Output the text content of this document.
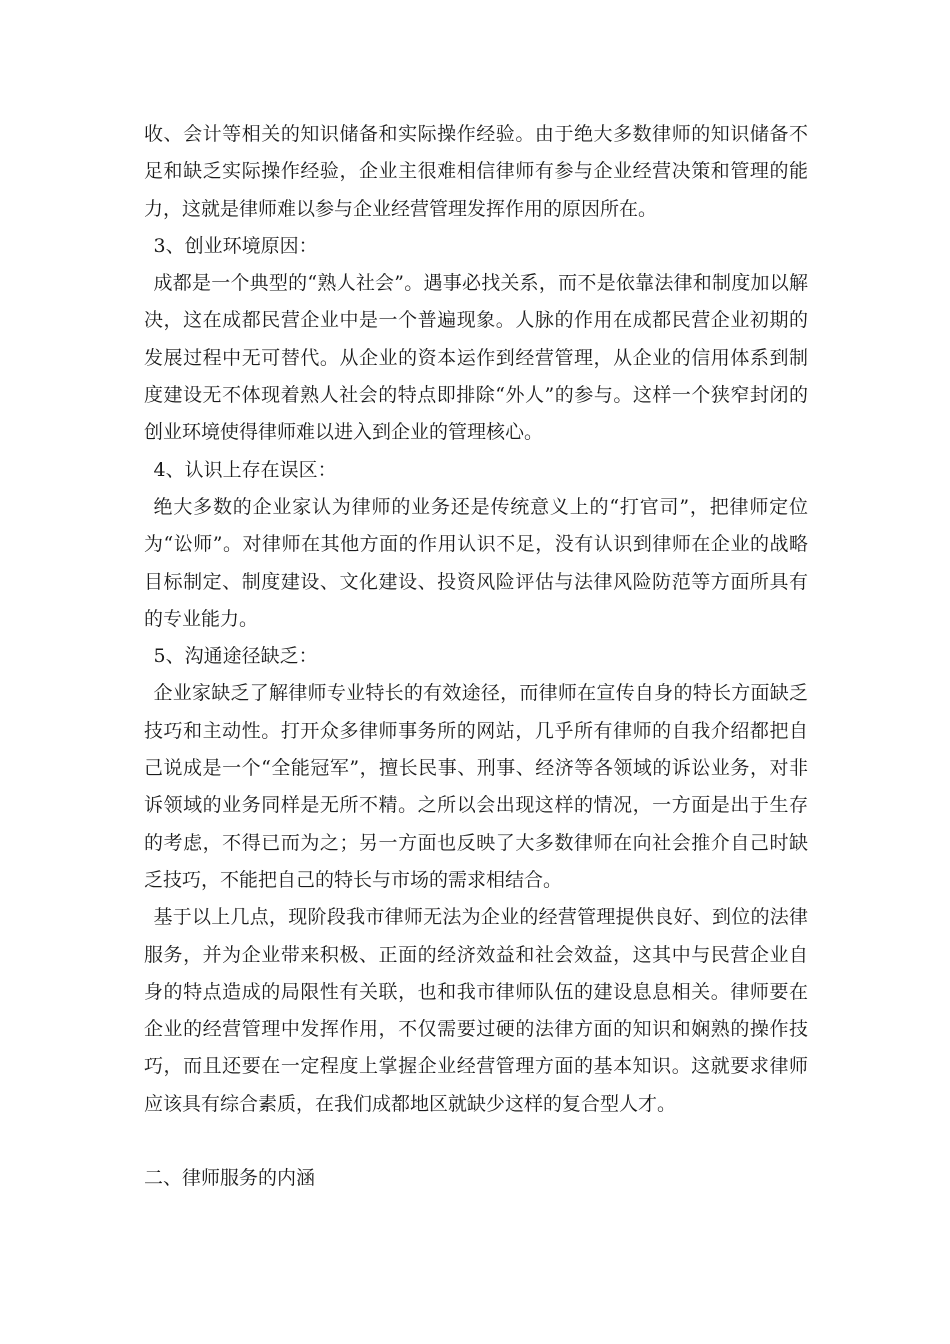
收、会计等相关的知识储备和实际操作经验。由于绝大多数律师的知识储备不足和缺乏实际操作经验，企业主很难相信律师有参与企业经营决策和管理的能力，这就是律师难以参与企业经营管理发挥作用的原因所在。

3、创业环境原因：

成都是一个典型的“熟人社会”。遇事必找关系，而不是依靠法律和制度加以解决，这在成都民营企业中是一个普遍现象。人脉的作用在成都民营企业初期的发展过程中无可替代。从企业的资本运作到经营管理，从企业的信用体系到制度建设无不体现着熟人社会的特点即排除“外人”的参与。这样一个狭窄封闭的创业环境使得律师难以进入到企业的管理核心。

4、认识上存在误区：

绝大多数的企业家认为律师的业务还是传统意义上的“打官司”，把律师定位为“讼师”。对律师在其他方面的作用认识不足，没有认识到律师在企业的战略目标制定、制度建设、文化建设、投资风险评估与法律风险防范等方面所具有的专业能力。

5、沟通途径缺乏：

企业家缺乏了解律师专业特长的有效途径，而律师在宣传自身的特长方面缺乏技巧和主动性。打开众多律师事务所的网站，几乎所有律师的自我介绍都把自己说成是一个“全能冠军”，擅长民事、刑事、经济等各领域的诉讼业务，对非诉领域的业务同样是无所不精。之所以会出现这样的情况，一方面是出于生存的考虑，不得已而为之；另一方面也反映了大多数律师在向社会推介自己时缺乏技巧，不能把自己的特长与市场的需求相结合。

基于以上几点，现阶段我市律师无法为企业的经营管理提供良好、到位的法律服务，并为企业带来积极、正面的经济效益和社会效益，这其中与民营企业自身的特点造成的局限性有关联，也和我市律师队伍的建设息息相关。律师要在企业的经营管理中发挥作用，不仅需要过硬的法律方面的知识和娴熟的操作技巧，而且还要在一定程度上掌握企业经营管理方面的基本知识。这就要求律师应该具有综合素质，在我们成都地区就缺少这样的复合型人才。

二、律师服务的内涵
